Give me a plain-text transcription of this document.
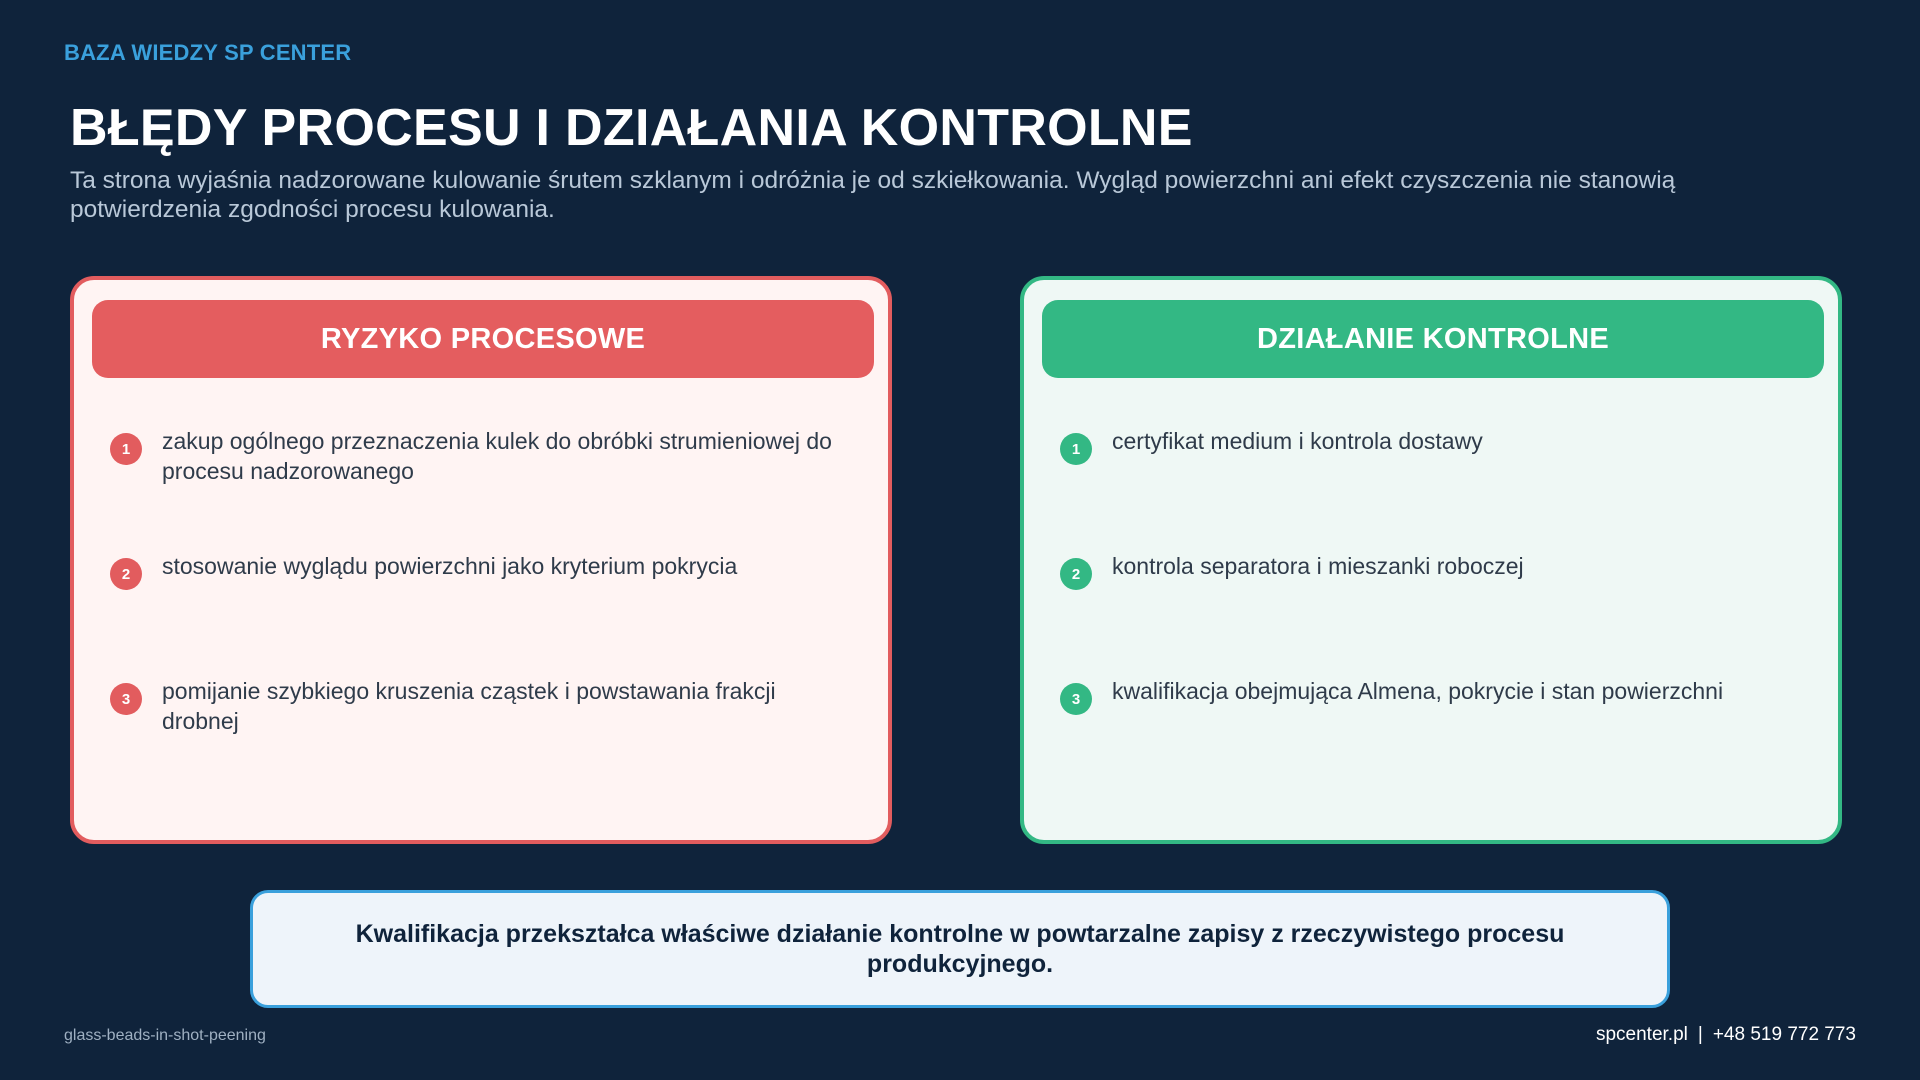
BAZA WIEDZY SP CENTER
BŁĘDY PROCESU I DZIAŁANIA KONTROLNE
Ta strona wyjaśnia nadzorowane kulowanie śrutem szklanym i odróżnia je od szkiełkowania. Wygląd powierzchni ani efekt czyszczenia nie stanowią potwierdzenia zgodności procesu kulowania.
RYZYKO PROCESOWE
1	zakup ogólnego przeznaczenia kulek do obróbki strumieniowej do procesu nadzorowanego
2	stosowanie wyglądu powierzchni jako kryterium pokrycia
3	pomijanie szybkiego kruszenia cząstek i powstawania frakcji drobnej
DZIAŁANIE KONTROLNE
1	certyfikat medium i kontrola dostawy
2	kontrola separatora i mieszanki roboczej
3	kwalifikacja obejmująca Almena, pokrycie i stan powierzchni
Kwalifikacja przekształca właściwe działanie kontrolne w powtarzalne zapisy z rzeczywistego procesu produkcyjnego.
glass-beads-in-shot-peening	spcenter.pl | +48 519 772 773
